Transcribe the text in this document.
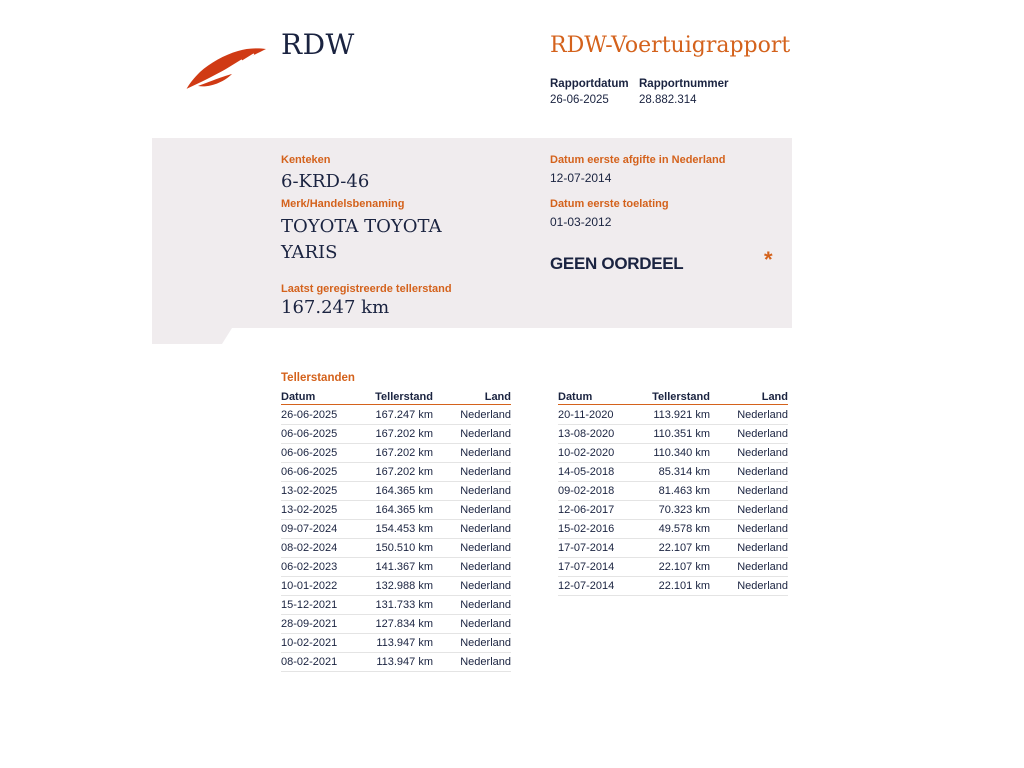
RDW	RDW-Voertuigrapport
Rapportdatum Rapportnummer
26-06-2025	28.882.314
Kenteken
6-KRD-46
Merk/Handelsbenaming
TOYOTA TOYOTA
YARIS
Laatst geregistreerde tellerstand
167.247 km
Datum eerste afgifte in Nederland
12-07-2014
Datum eerste toelating
01-03-2012
GEEN OORDEEL	*
Tellerstanden
Datum	Tellerstand	Land
26-06-2025	167.247 km	Nederland
06-06-2025	167.202 km	Nederland
06-06-2025	167.202 km	Nederland
06-06-2025	167.202 km	Nederland
13-02-2025	164.365 km	Nederland
13-02-2025	164.365 km	Nederland
09-07-2024	154.453 km	Nederland
08-02-2024	150.510 km	Nederland
06-02-2023	141.367 km	Nederland
10-01-2022	132.988 km	Nederland
15-12-2021	131.733 km	Nederland
28-09-2021	127.834 km	Nederland
10-02-2021	113.947 km	Nederland
08-02-2021	113.947 km	Nederland
Datum	Tellerstand	Land
20-11-2020	113.921 km	Nederland
13-08-2020	110.351 km	Nederland
10-02-2020	110.340 km	Nederland
14-05-2018	85.314 km	Nederland
09-02-2018	81.463 km	Nederland
12-06-2017	70.323 km	Nederland
15-02-2016	49.578 km	Nederland
17-07-2014	22.107 km	Nederland
17-07-2014	22.107 km	Nederland
12-07-2014	22.101 km	Nederland
